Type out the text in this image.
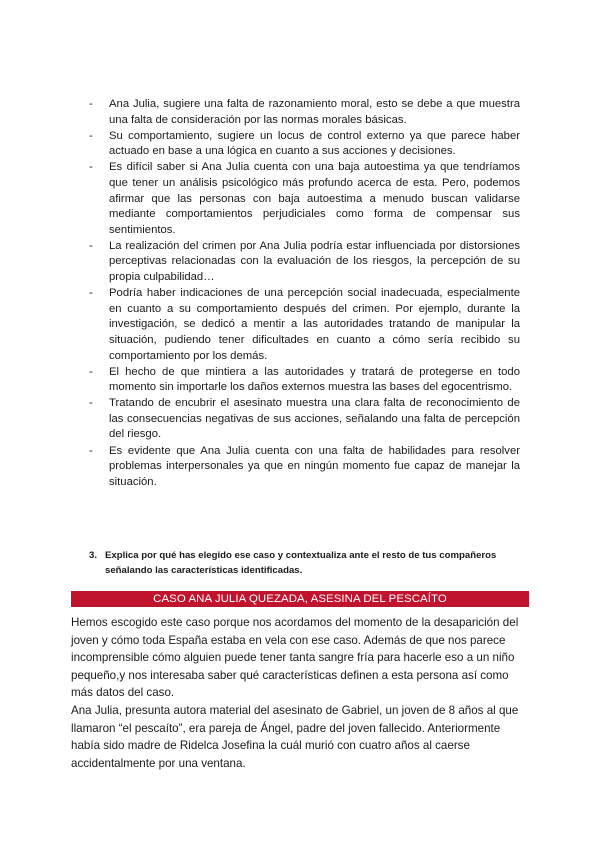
- Ana Julia, sugiere una falta de razonamiento moral, esto se debe a que muestra una falta de consideración por las normas morales básicas.
- Su comportamiento, sugiere un locus de control externo ya que parece haber actuado en base a una lógica en cuanto a sus acciones y decisiones.
- Es difícil saber si Ana Julia cuenta con una baja autoestima ya que tendríamos que tener un análisis psicológico más profundo acerca de esta. Pero, podemos afirmar que las personas con baja autoestima a menudo buscan validarse mediante comportamientos perjudiciales como forma de compensar sus sentimientos.
- La realización del crimen por Ana Julia podría estar influenciada por distorsiones perceptivas relacionadas con la evaluación de los riesgos, la percepción de su propia culpabilidad…
- Podría haber indicaciones de una percepción social inadecuada, especialmente en cuanto a su comportamiento después del crimen. Por ejemplo, durante la investigación, se dedicó a mentir a las autoridades tratando de manipular la situación, pudiendo tener dificultades en cuanto a cómo sería recibido su comportamiento por los demás.
- El hecho de que mintiera a las autoridades y tratará de protegerse en todo momento sin importarle los daños externos muestra las bases del egocentrismo.
- Tratando de encubrir el asesinato muestra una clara falta de reconocimiento de las consecuencias negativas de sus acciones, señalando una falta de percepción del riesgo.
- Es evidente que Ana Julia cuenta con una falta de habilidades para resolver problemas interpersonales ya que en ningún momento fue capaz de manejar la situación.
3. Explica por qué has elegido ese caso y contextualiza ante el resto de tus compañeros señalando las características identificadas.
CASO ANA JULIA QUEZADA, ASESINA DEL PESCAÍTO

Hemos escogido este caso porque nos acordamos del momento de la desaparición del joven y cómo toda España estaba en vela con ese caso. Además de que nos parece incomprensible cómo alguien puede tener tanta sangre fría para hacerle eso a un niño pequeño,y nos interesaba saber qué características definen a esta persona así como más datos del caso.

Ana Julia, presunta autora material del asesinato de Gabriel, un joven de 8 años al que llamaron “el pescaíto”, era pareja de Ángel, padre del joven fallecido. Anteriormente había sido madre de Ridelca Josefina la cuál murió con cuatro años al caerse accidentalmente por una ventana.
